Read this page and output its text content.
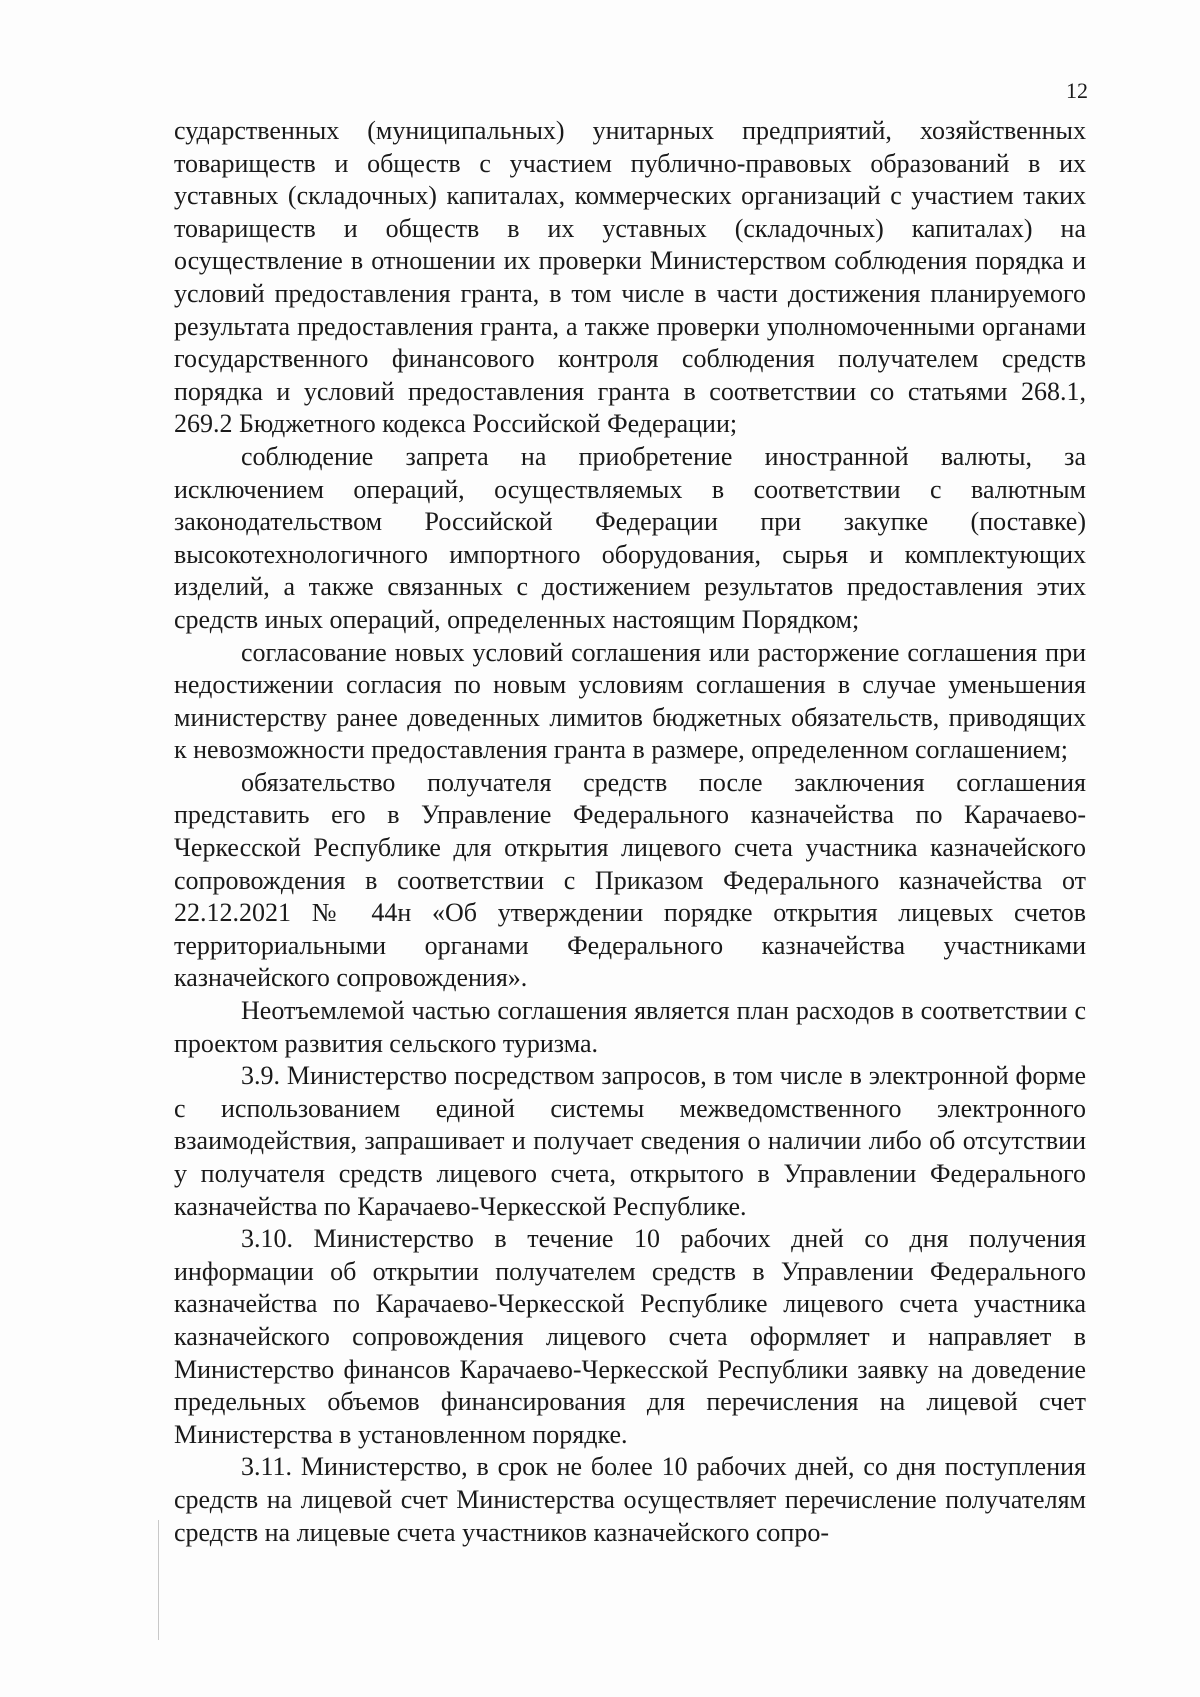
12

сударственных (муниципальных) унитарных предприятий, хозяйственных товариществ и обществ с участием публично-правовых образований в их уставных (складочных) капиталах, коммерческих организаций с участием таких товариществ и обществ в их уставных (складочных) капиталах) на осуществление в отношении их проверки Министерством соблюдения порядка и условий предоставления гранта, в том числе в части достижения планируемого результата предоставления гранта, а также проверки уполномоченными органами государственного финансового контроля соблюдения получателем средств порядка и условий предоставления гранта в соответствии со статьями 268.1, 269.2 Бюджетного кодекса Российской Федерации;

соблюдение запрета на приобретение иностранной валюты, за исключением операций, осуществляемых в соответствии с валютным законодательством Российской Федерации при закупке (поставке) высокотехнологичного импортного оборудования, сырья и комплектующих изделий, а также связанных с достижением результатов предоставления этих средств иных операций, определенных настоящим Порядком;

согласование новых условий соглашения или расторжение соглашения при недостижении согласия по новым условиям соглашения в случае уменьшения министерству ранее доведенных лимитов бюджетных обязательств, приводящих к невозможности предоставления гранта в размере, определенном соглашением;

обязательство получателя средств после заключения соглашения представить его в Управление Федерального казначейства по Карачаево-Черкесской Республике для открытия лицевого счета участника казначейского сопровождения в соответствии с Приказом Федерального казначейства от 22.12.2021 № 44н «Об утверждении порядке открытия лицевых счетов территориальными органами Федерального казначейства участниками казначейского сопровождения».

Неотъемлемой частью соглашения является план расходов в соответствии с проектом развития сельского туризма.

3.9. Министерство посредством запросов, в том числе в электронной форме с использованием единой системы межведомственного электронного взаимодействия, запрашивает и получает сведения о наличии либо об отсутствии у получателя средств лицевого счета, открытого в Управлении Федерального казначейства по Карачаево-Черкесской Республике.

3.10. Министерство в течение 10 рабочих дней со дня получения информации об открытии получателем средств в Управлении Федерального казначейства по Карачаево-Черкесской Республике лицевого счета участника казначейского сопровождения лицевого счета оформляет и направляет в Министерство финансов Карачаево-Черкесской Республики заявку на доведение предельных объемов финансирования для перечисления на лицевой счет Министерства в установленном порядке.

3.11. Министерство, в срок не более 10 рабочих дней, со дня поступления средств на лицевой счет Министерства осуществляет перечисление получателям средств на лицевые счета участников казначейского сопро-
